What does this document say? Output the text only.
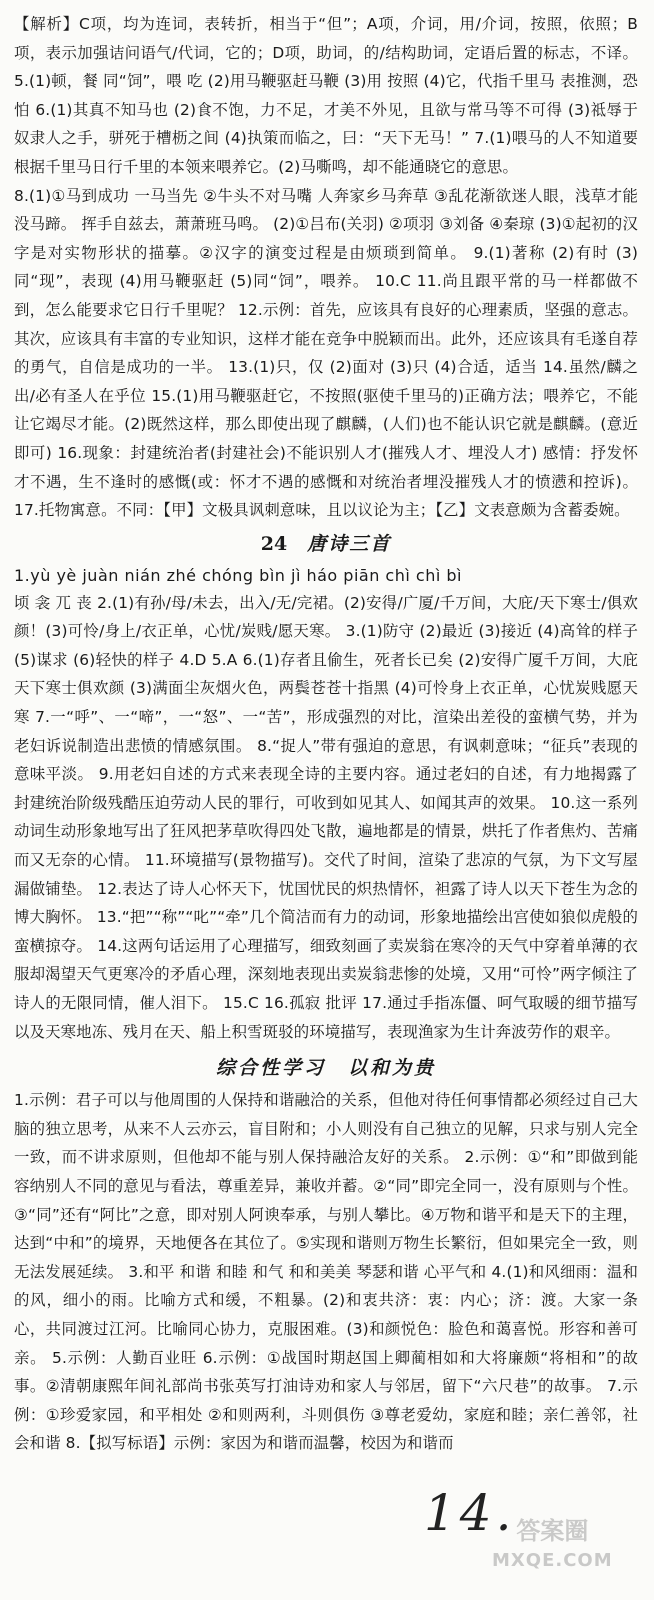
【解析】C项，均为连词，表转折，相当于“但”；A项，介词，用/介词，按照，依照；B项，表示加强诘问语气/代词，它的；D项，助词，的/结构助词，定语后置的标志，不译。 5.(1)顿，餐 同“饲”，喂 吃 (2)用马鞭驱赶马鞭 (3)用 按照 (4)它，代指千里马 表推测，恐怕 6.(1)其真不知马也 (2)食不饱，力不足，才美不外见，且欲与常马等不可得 (3)祗辱于奴隶人之手，骈死于槽枥之间 (4)执策而临之，曰：“天下无马！” 7.(1)喂马的人不知道要根据千里马日行千里的本领来喂养它。(2)马嘶鸣，却不能通晓它的意思。

8.(1)①马到成功 一马当先 ②牛头不对马嘴 人奔家乡马奔草 ③乱花渐欲迷人眼，浅草才能没马蹄。 挥手自兹去，萧萧班马鸣。 (2)①吕布(关羽) ②项羽 ③刘备 ④秦琼 (3)①起初的汉字是对实物形状的描摹。②汉字的演变过程是由烦琐到简单。 9.(1)著称 (2)有时 (3)同“现”，表现 (4)用马鞭驱赶 (5)同“饲”，喂养。 10.C 11.尚且跟平常的马一样都做不到，怎么能要求它日行千里呢？ 12.示例：首先，应该具有良好的心理素质，坚强的意志。其次，应该具有丰富的专业知识，这样才能在竞争中脱颖而出。此外，还应该具有毛遂自荐的勇气，自信是成功的一半。 13.(1)只，仅 (2)面对 (3)只 (4)合适，适当 14.虽然/麟之出/必有圣人在乎位 15.(1)用马鞭驱赶它，不按照(驱使千里马的)正确方法；喂养它，不能让它竭尽才能。(2)既然这样，那么即使出现了麒麟，(人们)也不能认识它就是麒麟。(意近即可) 16.现象：封建统治者(封建社会)不能识别人才(摧残人才、埋没人才) 感情：抒发怀才不遇，生不逢时的感慨(或：怀才不遇的感慨和对统治者埋没摧残人才的愤懑和控诉)。 17.托物寓意。不同：【甲】文极具讽刺意味，且以议论为主；【乙】文表意颇为含蓄委婉。

24 唐诗三首

1.yù yè juàn nián zhé chóng bìn jì háo piān chì chì bì

顷 衾 兀 丧 2.(1)有孙/母/未去，出入/无/完裙。(2)安得/广厦/千万间，大庇/天下寒士/俱欢颜！(3)可怜/身上/衣正单，心忧/炭贱/愿天寒。 3.(1)防守 (2)最近 (3)接近 (4)高耸的样子 (5)谋求 (6)轻快的样子 4.D 5.A 6.(1)存者且偷生，死者长已矣 (2)安得广厦千万间，大庇天下寒士俱欢颜 (3)满面尘灰烟火色，两鬓苍苍十指黑 (4)可怜身上衣正单，心忧炭贱愿天寒 7.一“呼”、一“啼”，一“怒”、一“苦”，形成强烈的对比，渲染出差役的蛮横气势，并为老妇诉说制造出悲愤的情感氛围。 8.“捉人”带有强迫的意思，有讽刺意味；“征兵”表现的意味平淡。 9.用老妇自述的方式来表现全诗的主要内容。通过老妇的自述，有力地揭露了封建统治阶级残酷压迫劳动人民的罪行，可收到如见其人、如闻其声的效果。 10.这一系列动词生动形象地写出了狂风把茅草吹得四处飞散，遍地都是的情景，烘托了作者焦灼、苦痛而又无奈的心情。 11.环境描写(景物描写)。交代了时间，渲染了悲凉的气氛，为下文写屋漏做铺垫。 12.表达了诗人心怀天下，忧国忧民的炽热情怀，袒露了诗人以天下苍生为念的博大胸怀。 13.“把”“称”“叱”“牵”几个简洁而有力的动词，形象地描绘出宫使如狼似虎般的蛮横掠夺。 14.这两句话运用了心理描写，细致刻画了卖炭翁在寒冷的天气中穿着单薄的衣服却渴望天气更寒冷的矛盾心理，深刻地表现出卖炭翁悲惨的处境，又用“可怜”两字倾注了诗人的无限同情，催人泪下。 15.C 16.孤寂 批评 17.通过手指冻僵、呵气取暖的细节描写以及天寒地冻、残月在天、船上积雪斑驳的环境描写，表现渔家为生计奔波劳作的艰辛。

综合性学习 以和为贵

1.示例：君子可以与他周围的人保持和谐融洽的关系，但他对待任何事情都必须经过自己大脑的独立思考，从来不人云亦云，盲目附和；小人则没有自己独立的见解，只求与别人完全一致，而不讲求原则，但他却不能与别人保持融洽友好的关系。 2.示例：①“和”即做到能容纳别人不同的意见与看法，尊重差异，兼收并蓄。②“同”即完全同一，没有原则与个性。③“同”还有“阿比”之意，即对别人阿谀奉承，与别人攀比。④万物和谐平和是天下的主理，达到“中和”的境界，天地便各在其位了。⑤实现和谐则万物生长繁衍，但如果完全一致，则无法发展延续。 3.和平 和谐 和睦 和气 和和美美 琴瑟和谐 心平气和 4.(1)和风细雨：温和的风，细小的雨。比喻方式和缓，不粗暴。(2)和衷共济：衷：内心；济：渡。大家一条心，共同渡过江河。比喻同心协力，克服困难。(3)和颜悦色：脸色和蔼喜悦。形容和善可亲。 5.示例：人勤百业旺 6.示例：①战国时期赵国上卿蔺相如和大将廉颇“将相和”的故事。②清朝康熙年间礼部尚书张英写打油诗劝和家人与邻居，留下“六尺巷”的故事。 7.示例：①珍爱家园，和平相处 ②和则两利，斗则俱伤 ③尊老爱幼，家庭和睦；亲仁善邻，社会和谐 8.【拟写标语】示例：家因为和谐而温馨，校因为和谐而

14. 答案圈
MXQE.COM
